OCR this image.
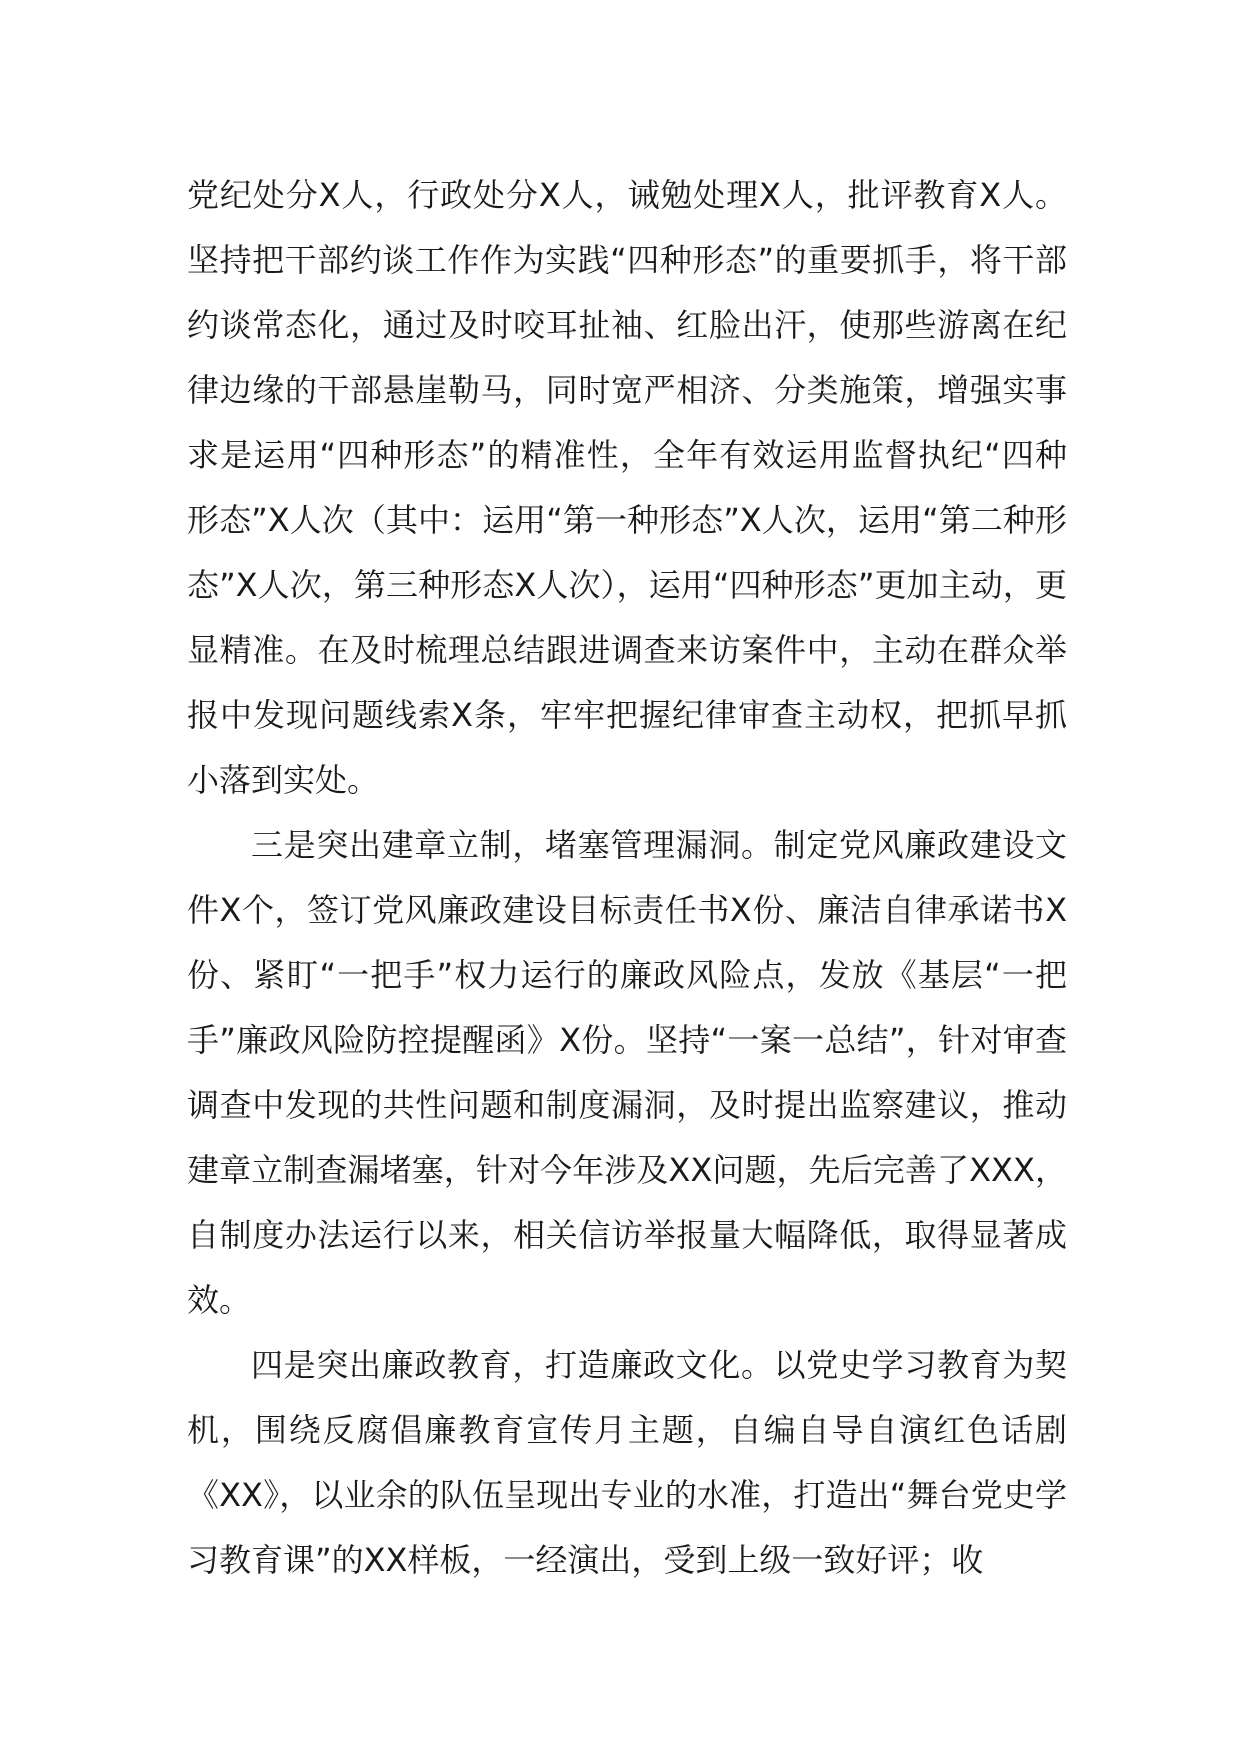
党纪处分X人，行政处分X人，诫勉处理X人，批评教育X人。坚持把干部约谈工作作为实践“四种形态”的重要抓手，将干部约谈常态化，通过及时咬耳扯袖、红脸出汗，使那些游离在纪律边缘的干部悬崖勒马，同时宽严相济、分类施策，增强实事求是运用“四种形态”的精准性，全年有效运用监督执纪“四种形态”X人次（其中：运用“第一种形态”X人次，运用“第二种形态”X人次，第三种形态X人次），运用“四种形态”更加主动，更显精准。在及时梳理总结跟进调查来访案件中，主动在群众举报中发现问题线索X条，牢牢把握纪律审查主动权，把抓早抓小落到实处。

三是突出建章立制，堵塞管理漏洞。制定党风廉政建设文件X个，签订党风廉政建设目标责任书X份、廉洁自律承诺书X份、紧盯“一把手”权力运行的廉政风险点，发放《基层“一把手”廉政风险防控提醒函》X份。坚持“一案一总结”，针对审查调查中发现的共性问题和制度漏洞，及时提出监察建议，推动建章立制查漏堵塞，针对今年涉及XX问题，先后完善了XXX，自制度办法运行以来，相关信访举报量大幅降低，取得显著成效。

四是突出廉政教育，打造廉政文化。以党史学习教育为契机，围绕反腐倡廉教育宣传月主题，自编自导自演红色话剧《XX》，以业余的队伍呈现出专业的水准，打造出“舞台党史学习教育课”的XX样板，一经演出，受到上级一致好评；收
